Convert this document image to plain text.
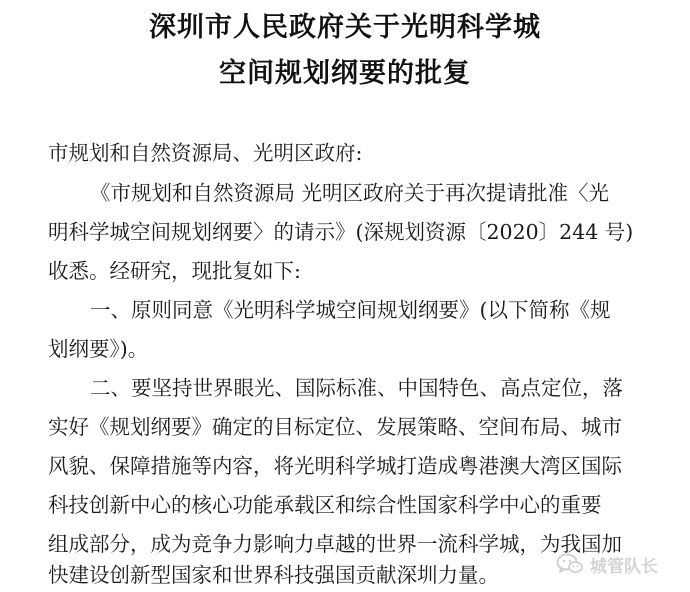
深圳市人民政府关于光明科学城
空间规划纲要的批复
市规划和自然资源局、光明区政府:
《市规划和自然资源局 光明区政府关于再次提请批准〈光
明科学城空间规划纲要〉的请示》(深规划资源〔2020〕244 号)
收悉。经研究，现批复如下:
一、原则同意《光明科学城空间规划纲要》(以下简称《规
划纲要》)。
二、要坚持世界眼光、国际标准、中国特色、高点定位，落
实好《规划纲要》确定的目标定位、发展策略、空间布局、城市
风貌、保障措施等内容，将光明科学城打造成粤港澳大湾区国际
科技创新中心的核心功能承载区和综合性国家科学中心的重要
组成部分，成为竞争力影响力卓越的世界一流科学城，为我国加
快建设创新型国家和世界科技强国贡献深圳力量。	城管队长
